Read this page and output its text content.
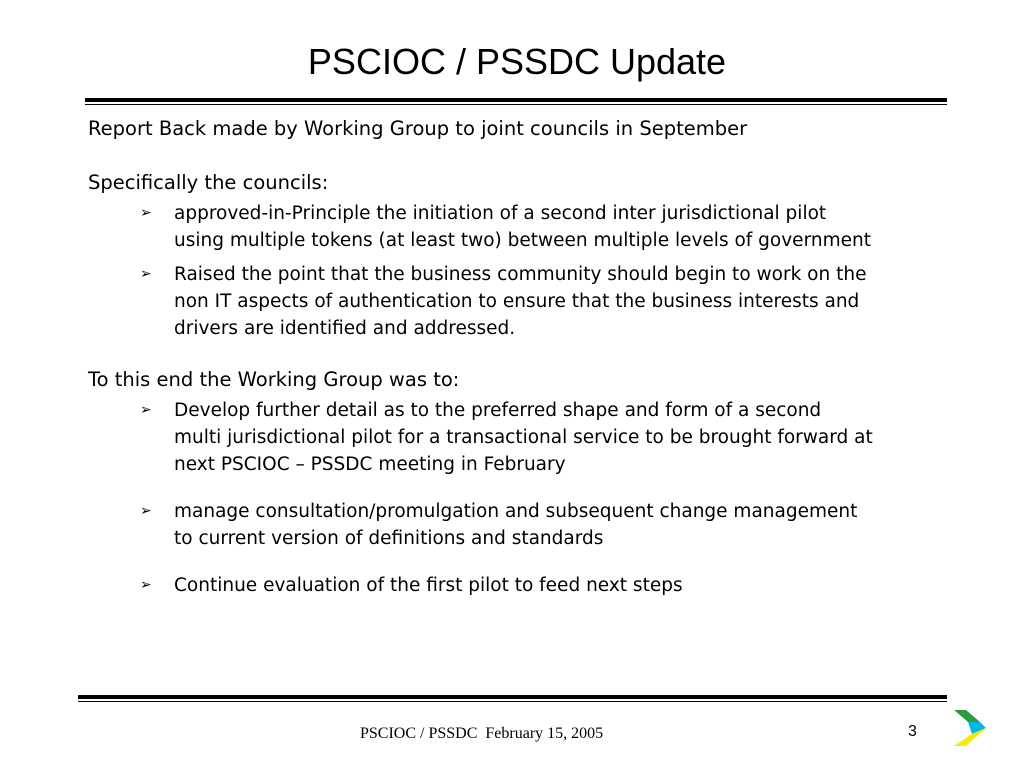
PSCIOC / PSSDC Update

Report Back made by Working Group to joint councils in September

Specifically the councils:

➢	approved-in-Principle the initiation of a second inter jurisdictional pilot using multiple tokens (at least two) between multiple levels of government
➢	Raised the point that the business community should begin to work on the non IT aspects of authentication to ensure that the business interests and drivers are identified and addressed.

To this end the Working Group was to:

➢	Develop further detail as to the preferred shape and form of a second multi jurisdictional pilot for a transactional service to be brought forward at next PSCIOC – PSSDC meeting in February
➢	manage consultation/promulgation and subsequent change management to current version of definitions and standards
➢	Continue evaluation of the first pilot to feed next steps
PSCIOC / PSSDC  February 15, 2005	3
